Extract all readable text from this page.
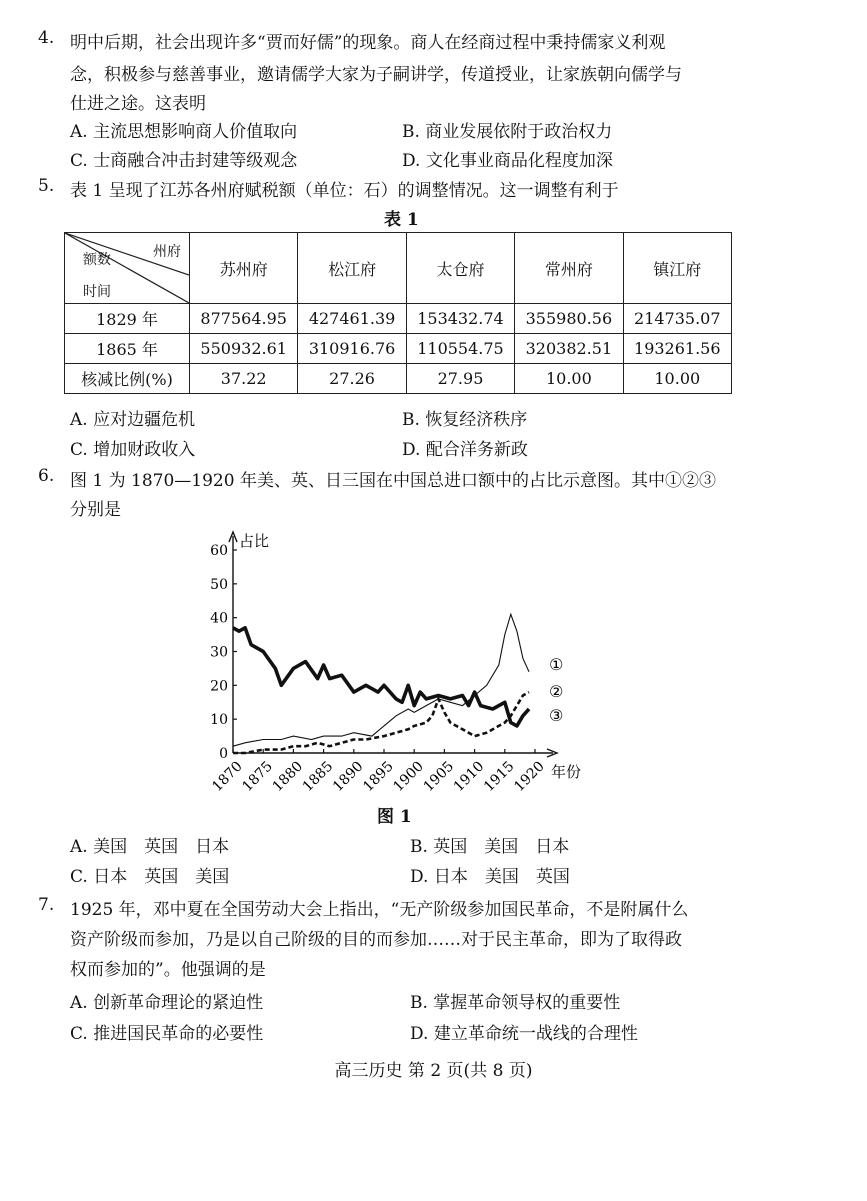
4. 明中后期，社会出现许多“贾而好儒”的现象。商人在经商过程中秉持儒家义利观
念，积极参与慈善事业，邀请儒学大家为子嗣讲学，传道授业，让家族朝向儒学与
仕进之途。这表明
A. 主流思想影响商人价值取向	B. 商业发展依附于政治权力
C. 士商融合冲击封建等级观念	D. 文化事业商品化程度加深
5. 表 1 呈现了江苏各州府赋税额（单位：石）的调整情况。这一调整有利于
表 1
州府
额数
时间	苏州府	松江府	太仓府	常州府	镇江府
1829 年	877564.95	427461.39	153432.74	355980.56	214735.07
1865 年	550932.61	310916.76	110554.75	320382.51	193261.56
核减比例(%)	37.22	27.26	27.95	10.00	10.00
A. 应对边疆危机	B. 恢复经济秩序
C. 增加财政收入	D. 配合洋务新政
6. 图 1 为 1870—1920 年美、英、日三国在中国总进口额中的占比示意图。其中①②③
分别是
0
10
20
30
40
50
60
1870
1875
1880
1885
1890
1895
1900
1905
1910
1915
1920
占比
年份
①
②
③
图 1
A. 美国　英国　日本	B. 英国　美国　日本
C. 日本　英国　美国	D. 日本　美国　英国
7. 1925 年，邓中夏在全国劳动大会上指出，“无产阶级参加国民革命，不是附属什么
资产阶级而参加，乃是以自己阶级的目的而参加……对于民主革命，即为了取得政
权而参加的”。他强调的是
A. 创新革命理论的紧迫性	B. 掌握革命领导权的重要性
C. 推进国民革命的必要性	D. 建立革命统一战线的合理性
高三历史 第 2 页(共 8 页)
